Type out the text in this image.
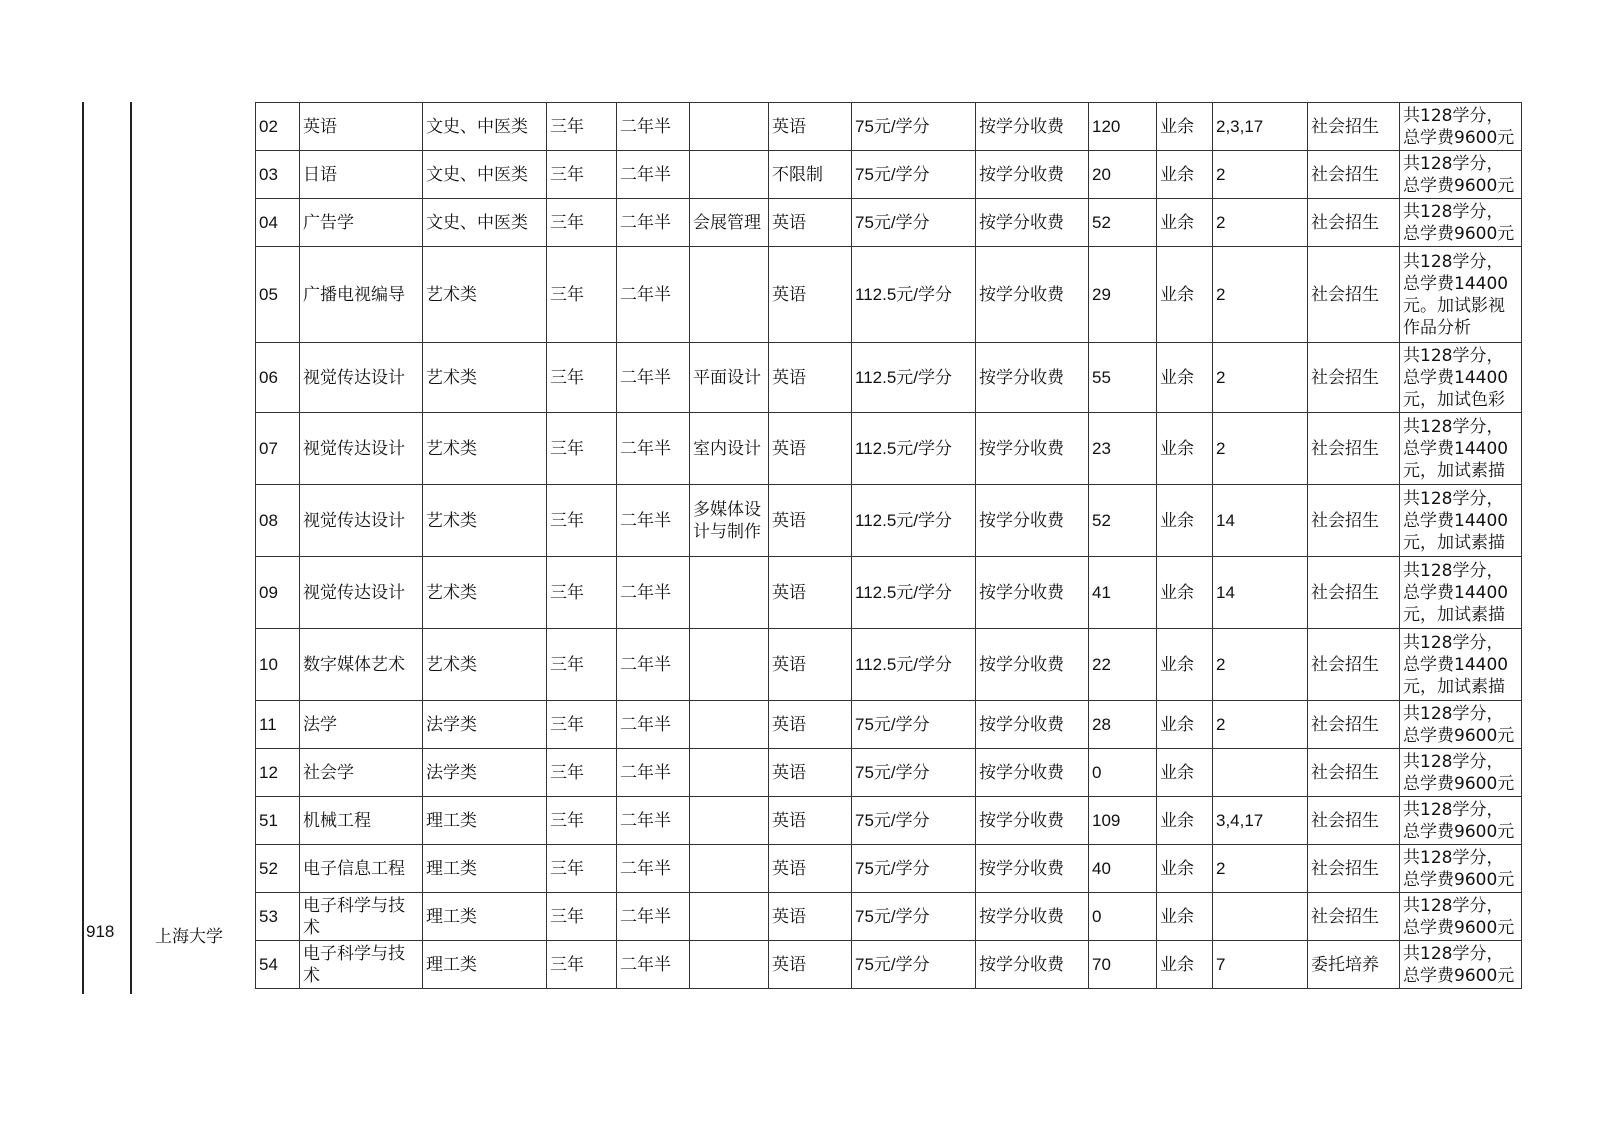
918 上海大学
02	英语	文史、中医类	三年	二年半		英语	75元/学分	按学分收费	120	业余	2,3,17	社会招生	共128学分，总学费9600元
03	日语	文史、中医类	三年	二年半		不限制	75元/学分	按学分收费	20	业余	2	社会招生	共128学分，总学费9600元
04	广告学	文史、中医类	三年	二年半	会展管理	英语	75元/学分	按学分收费	52	业余	2	社会招生	共128学分，总学费9600元
05	广播电视编导	艺术类	三年	二年半		英语	112.5元/学分	按学分收费	29	业余	2	社会招生	共128学分，总学费14400元。加试影视作品分析
06	视觉传达设计	艺术类	三年	二年半	平面设计	英语	112.5元/学分	按学分收费	55	业余	2	社会招生	共128学分，总学费14400元，加试色彩
07	视觉传达设计	艺术类	三年	二年半	室内设计	英语	112.5元/学分	按学分收费	23	业余	2	社会招生	共128学分，总学费14400元，加试素描
08	视觉传达设计	艺术类	三年	二年半	多媒体设计与制作	英语	112.5元/学分	按学分收费	52	业余	14	社会招生	共128学分，总学费14400元，加试素描
09	视觉传达设计	艺术类	三年	二年半		英语	112.5元/学分	按学分收费	41	业余	14	社会招生	共128学分，总学费14400元，加试素描
10	数字媒体艺术	艺术类	三年	二年半		英语	112.5元/学分	按学分收费	22	业余	2	社会招生	共128学分，总学费14400元，加试素描
11	法学	法学类	三年	二年半		英语	75元/学分	按学分收费	28	业余	2	社会招生	共128学分，总学费9600元
12	社会学	法学类	三年	二年半		英语	75元/学分	按学分收费	0	业余		社会招生	共128学分，总学费9600元
51	机械工程	理工类	三年	二年半		英语	75元/学分	按学分收费	109	业余	3,4,17	社会招生	共128学分，总学费9600元
52	电子信息工程	理工类	三年	二年半		英语	75元/学分	按学分收费	40	业余	2	社会招生	共128学分，总学费9600元
53	电子科学与技术	理工类	三年	二年半		英语	75元/学分	按学分收费	0	业余		社会招生	共128学分，总学费9600元
54	电子科学与技术	理工类	三年	二年半		英语	75元/学分	按学分收费	70	业余	7	委托培养	共128学分，总学费9600元
